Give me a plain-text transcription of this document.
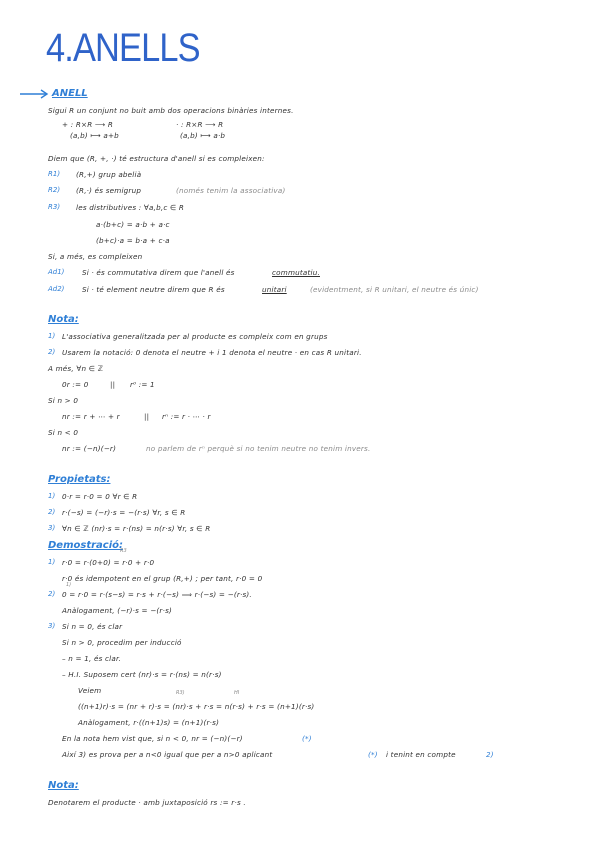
4.ANELLS
ANELL
Sigui R un conjunt no buit amb dos operacions binàries internes.
+ : R×R ⟶ R
(a,b) ⟼ a+b
· : R×R ⟶ R
(a,b) ⟼ a·b
Diem que (R, +, ·) té estructura d'anell si es compleixen:
R1) (R,+) grup abelià
R2) (R,·) és semigrup	(només tenim la associativa)
R3) les distributives : ∀a,b,c ∈ R
a·(b+c) = a·b + a·c
(b+c)·a = b·a + c·a
Si, a més, es compleixen
Ad1) Si · és commutativa direm que l'anell és	commutatiu.
Ad2) Si · té element neutre direm que R és	unitari	(evidentment, si R unitari, el neutre és únic)
Nota:
1) L'associativa generalitzada per al producte es compleix com en grups
2) Usarem la notació: 0 denota el neutre + i 1 denota el neutre · en cas R unitari.
A més, ∀n ∈ ℤ
0r := 0	|| r⁰ := 1
Si n > 0
nr := r + ⋯ + r	|| rⁿ := r · ⋯ · r
Si n < 0
nr := (−n)(−r)	no parlem de rⁿ perquè si no tenim neutre no tenim invers.
Propietats:
1) 0·r = r·0 = 0 ∀r ∈ R
2) r·(−s) = (−r)·s = −(r·s) ∀r, s ∈ R
3) ∀n ∈ ℤ (nr)·s = r·(ns) = n(r·s) ∀r, s ∈ R
Demostració:
R3
1) r·0 = r·(0+0) = r·0 + r·0
r·0 és idempotent en el grup (R,+) ; per tant, r·0 = 0
1)
2) 0 = r·0 = r·(s−s) = r·s + r·(−s) ⟹ r·(−s) = −(r·s).
Anàlogament, (−r)·s = −(r·s)
3) Si n = 0, és clar
Si n > 0, procedim per inducció
– n = 1, és clar.
– H.I. Suposem cert (nr)·s = r·(ns) = n(r·s)
Veiem	R3)	HI
((n+1)r)·s = (nr + r)·s = (nr)·s + r·s = n(r·s) + r·s = (n+1)(r·s)
Anàlogament, r·((n+1)s) = (n+1)(r·s)
En la nota hem vist que, si n < 0, nr = (−n)(−r)	(*)
Així 3) es prova per a n<0 igual que per a n>0 aplicant	(*) i tenint en compte	2)
Nota:
Denotarem el producte · amb juxtaposició rs := r·s .
